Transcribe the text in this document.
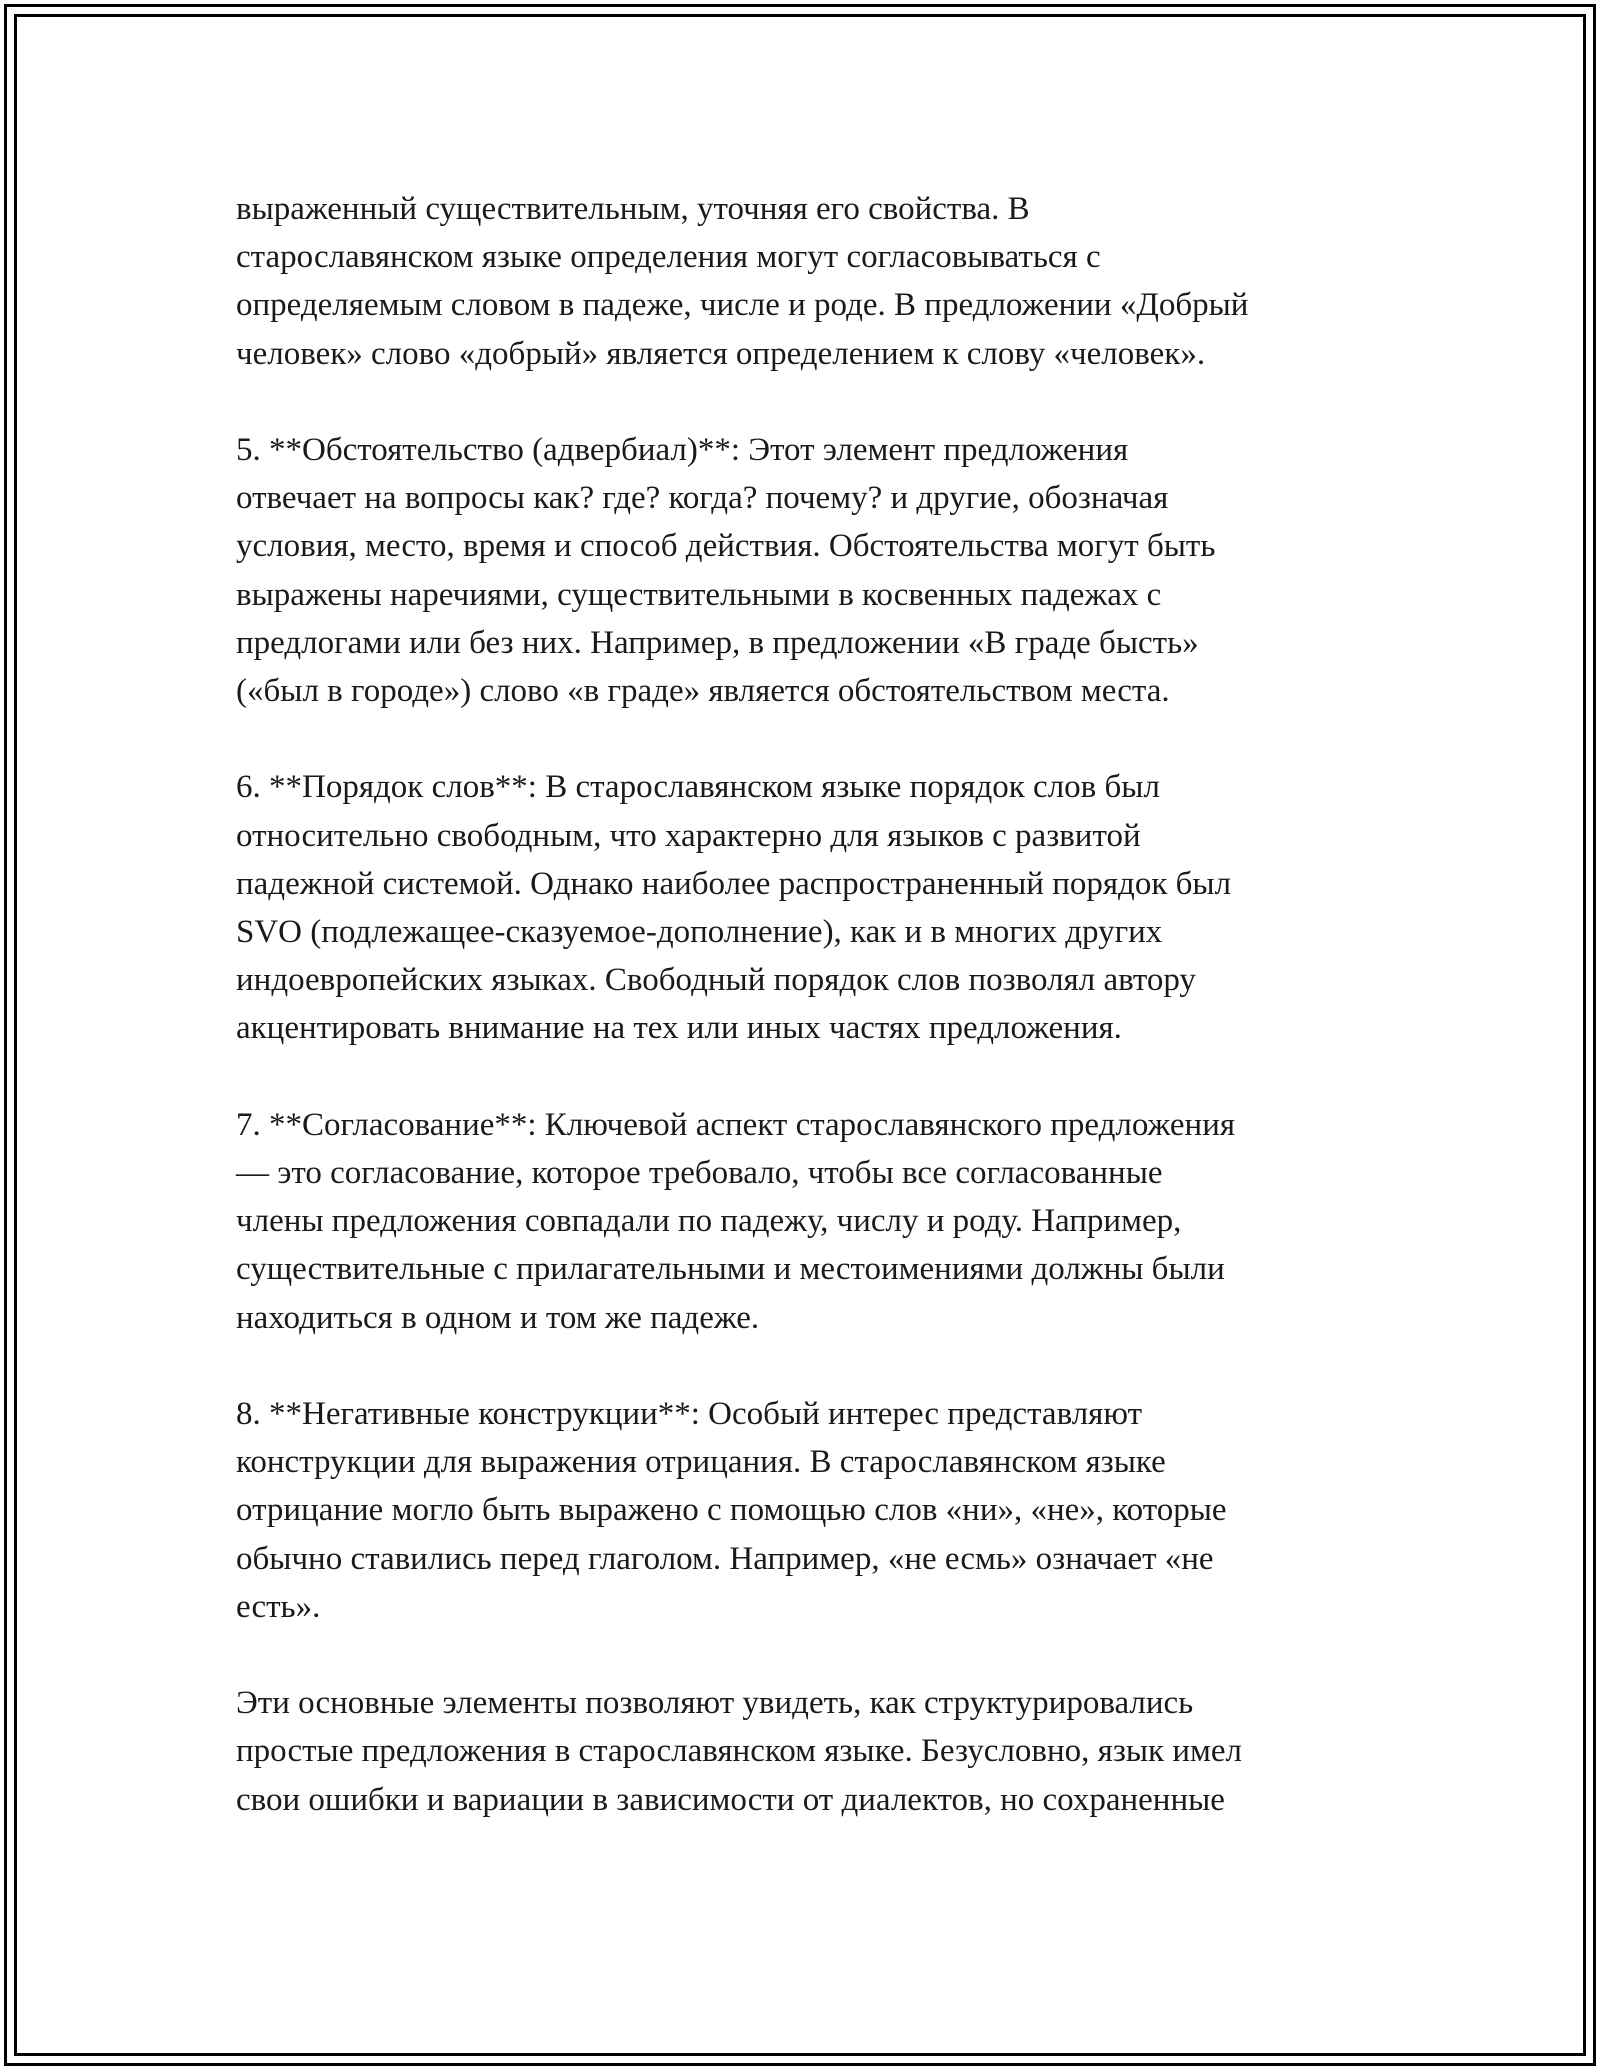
выраженный существительным, уточняя его свойства. В
старославянском языке определения могут согласовываться с
определяемым словом в падеже, числе и роде. В предложении «Добрый
человек» слово «добрый» является определением к слову «человек».
5. **Обстоятельство (адвербиал)**: Этот элемент предложения
отвечает на вопросы как? где? когда? почему? и другие, обозначая
условия, место, время и способ действия. Обстоятельства могут быть
выражены наречиями, существительными в косвенных падежах с
предлогами или без них. Например, в предложении «В граде бысть»
(«был в городе») слово «в граде» является обстоятельством места.
6. **Порядок слов**: В старославянском языке порядок слов был
относительно свободным, что характерно для языков с развитой
падежной системой. Однако наиболее распространенный порядок был
SVO (подлежащее-сказуемое-дополнение), как и в многих других
индоевропейских языках. Свободный порядок слов позволял автору
акцентировать внимание на тех или иных частях предложения.
7. **Согласование**: Ключевой аспект старославянского предложения
— это согласование, которое требовало, чтобы все согласованные
члены предложения совпадали по падежу, числу и роду. Например,
существительные с прилагательными и местоимениями должны были
находиться в одном и том же падеже.
8. **Негативные конструкции**: Особый интерес представляют
конструкции для выражения отрицания. В старославянском языке
отрицание могло быть выражено с помощью слов «ни», «не», которые
обычно ставились перед глаголом. Например, «не есмь» означает «не
есть».
Эти основные элементы позволяют увидеть, как структурировались
простые предложения в старославянском языке. Безусловно, язык имел
свои ошибки и вариации в зависимости от диалектов, но сохраненные
